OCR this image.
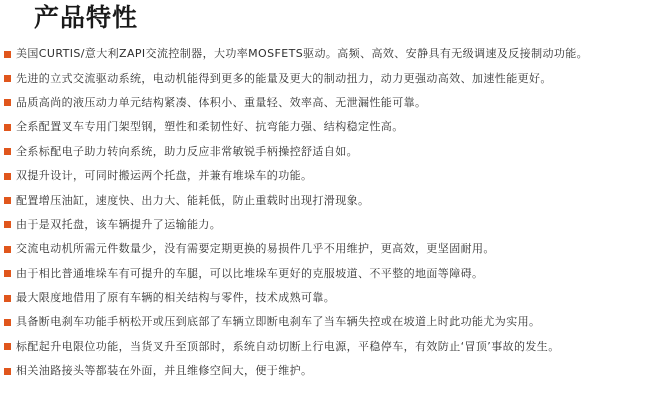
产品特性
美国CURTIS/意大利ZAPI交流控制器，大功率MOSFETS驱动。高频、高效、安静具有无级调速及反接制动功能。
先进的立式交流驱动系统，电动机能得到更多的能量及更大的制动扭力，动力更强动高效、加速性能更好。
品质高尚的液压动力单元结构紧凑、体积小、重量轻、效率高、无泄漏性能可靠。
全系配置叉车专用门架型钢，塑性和柔韧性好、抗弯能力强、结构稳定性高。
全系标配电子助力转向系统，助力反应非常敏锐手柄操控舒适自如。
双提升设计，可同时搬运两个托盘，并兼有堆垛车的功能。
配置增压油缸，速度快、出力大、能耗低，防止重载时出现打滑现象。
由于是双托盘，该车辆提升了运输能力。
交流电动机所需元件数量少，没有需要定期更换的易损件几乎不用维护，更高效，更坚固耐用。
由于相比普通堆垛车有可提升的车腿，可以比堆垛车更好的克服坡道、不平整的地面等障碍。
最大限度地借用了原有车辆的相关结构与零件，技术成熟可靠。
具备断电刹车功能手柄松开或压到底部了车辆立即断电刹车了当车辆失控或在坡道上时此功能尤为实用。
标配起升电限位功能，当货叉升至顶部时，系统自动切断上行电源，平稳停车，有效防止‘冒顶’事故的发生。
相关油路接头等都装在外面，并且维修空间大，便于维护。
